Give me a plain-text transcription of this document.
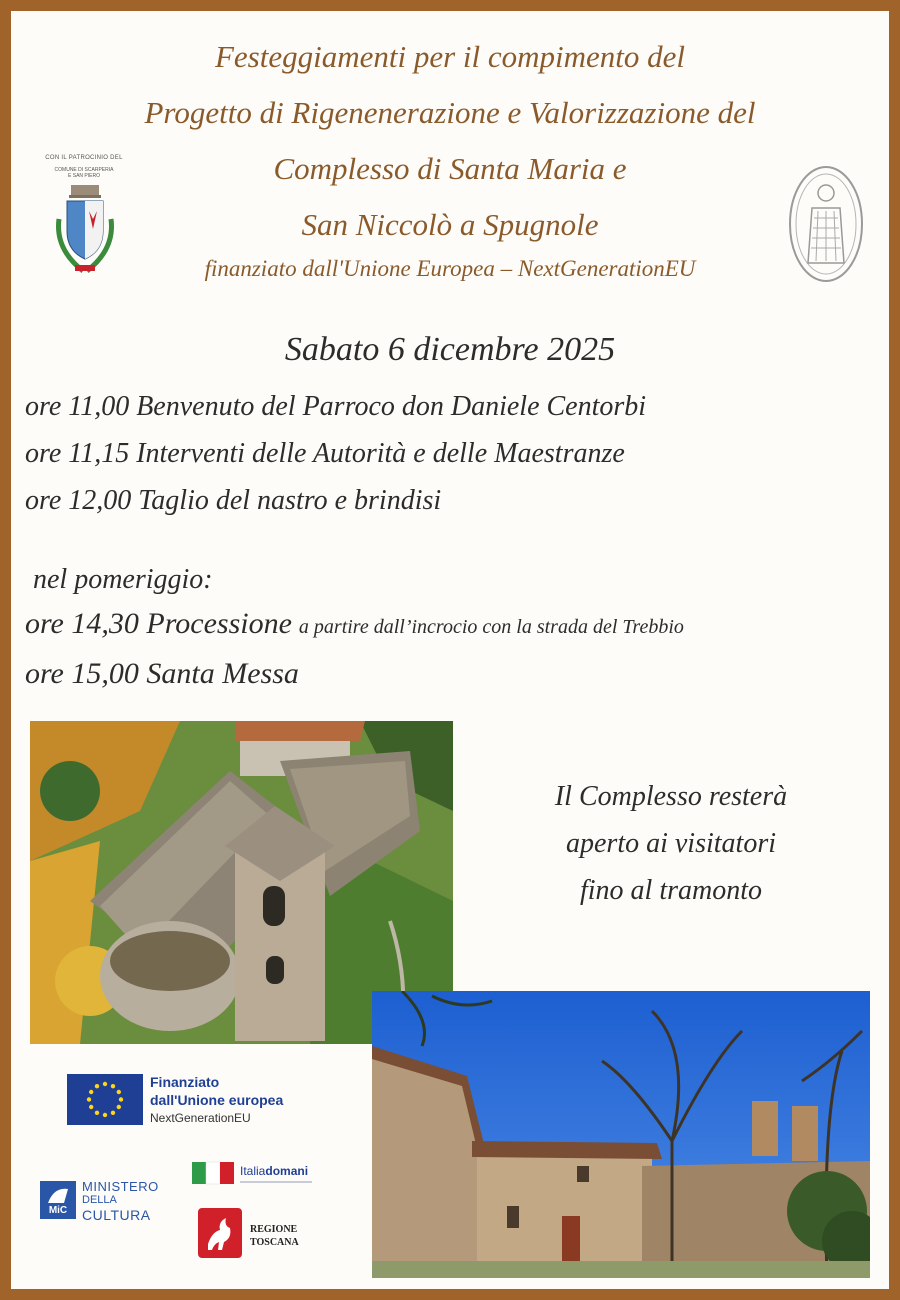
Festeggiamenti per il compimento del
Progetto di Rigenenerazione e Valorizzazione del
Complesso di Santa Maria e
San Niccolò a Spugnole
finanziato dall'Unione Europea – NextGenerationEU
CON IL PATROCINIO DEL
COMUNE DI SCARPERIA E SAN PIERO
Sabato 6 dicembre 2025
ore 11,00 Benvenuto del Parroco don Daniele Centorbi
ore 11,15 Interventi delle Autorità e delle Maestranze
ore 12,00 Taglio del nastro e brindisi
nel pomeriggio:
ore 14,30 Processione a partire dall’incrocio con la strada del Trebbio
ore 15,00 Santa Messa
Il Complesso resterà
aperto ai visitatori
fino al tramonto
Finanziato
dall'Unione europea
NextGenerationEU
MiC
MINISTERO
DELLA
CULTURA
Italiadomani
REGIONE
TOSCANA
